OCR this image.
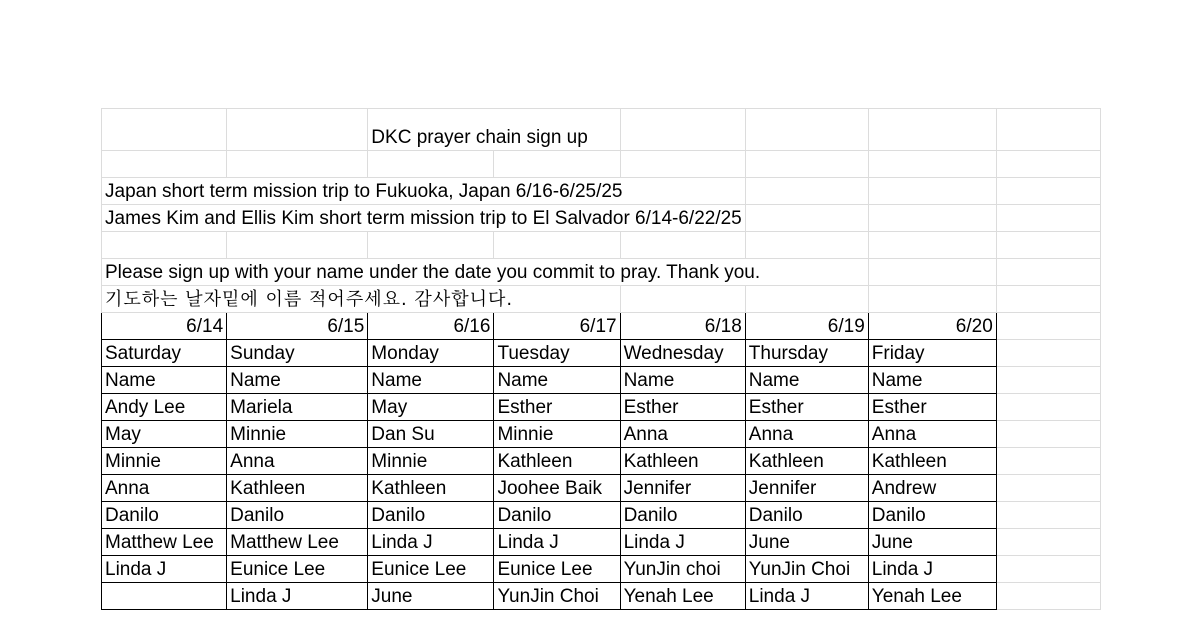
		DKC prayer chain sign up					

Japan short term mission trip to Fukuoka, Japan 6/16-6/25/25							
James Kim and Ellis Kim short term mission trip to El Salvador 6/14-6/22/25							

Please sign up with your name under the date you commit to pray. Thank you.							
기도하는 날자밑에 이름 적어주세요. 감사합니다.							
6/14	6/15	6/16	6/17	6/18	6/19	6/20	
Saturday	Sunday	Monday	Tuesday	Wednesday	Thursday	Friday	
Name	Name	Name	Name	Name	Name	Name	
Andy Lee	Mariela	May	Esther	Esther	Esther	Esther	
May	Minnie	Dan Su	Minnie	Anna	Anna	Anna	
Minnie	Anna	Minnie	Kathleen	Kathleen	Kathleen	Kathleen	
Anna	Kathleen	Kathleen	Joohee Baik	Jennifer	Jennifer	Andrew	
Danilo	Danilo	Danilo	Danilo	Danilo	Danilo	Danilo	
Matthew Lee	Matthew Lee	Linda J	Linda J	Linda J	June	June	
Linda J	Eunice Lee	Eunice Lee	Eunice Lee	YunJin choi	YunJin Choi	Linda J	
	Linda J	June	YunJin Choi	Yenah Lee	Linda J	Yenah Lee	
